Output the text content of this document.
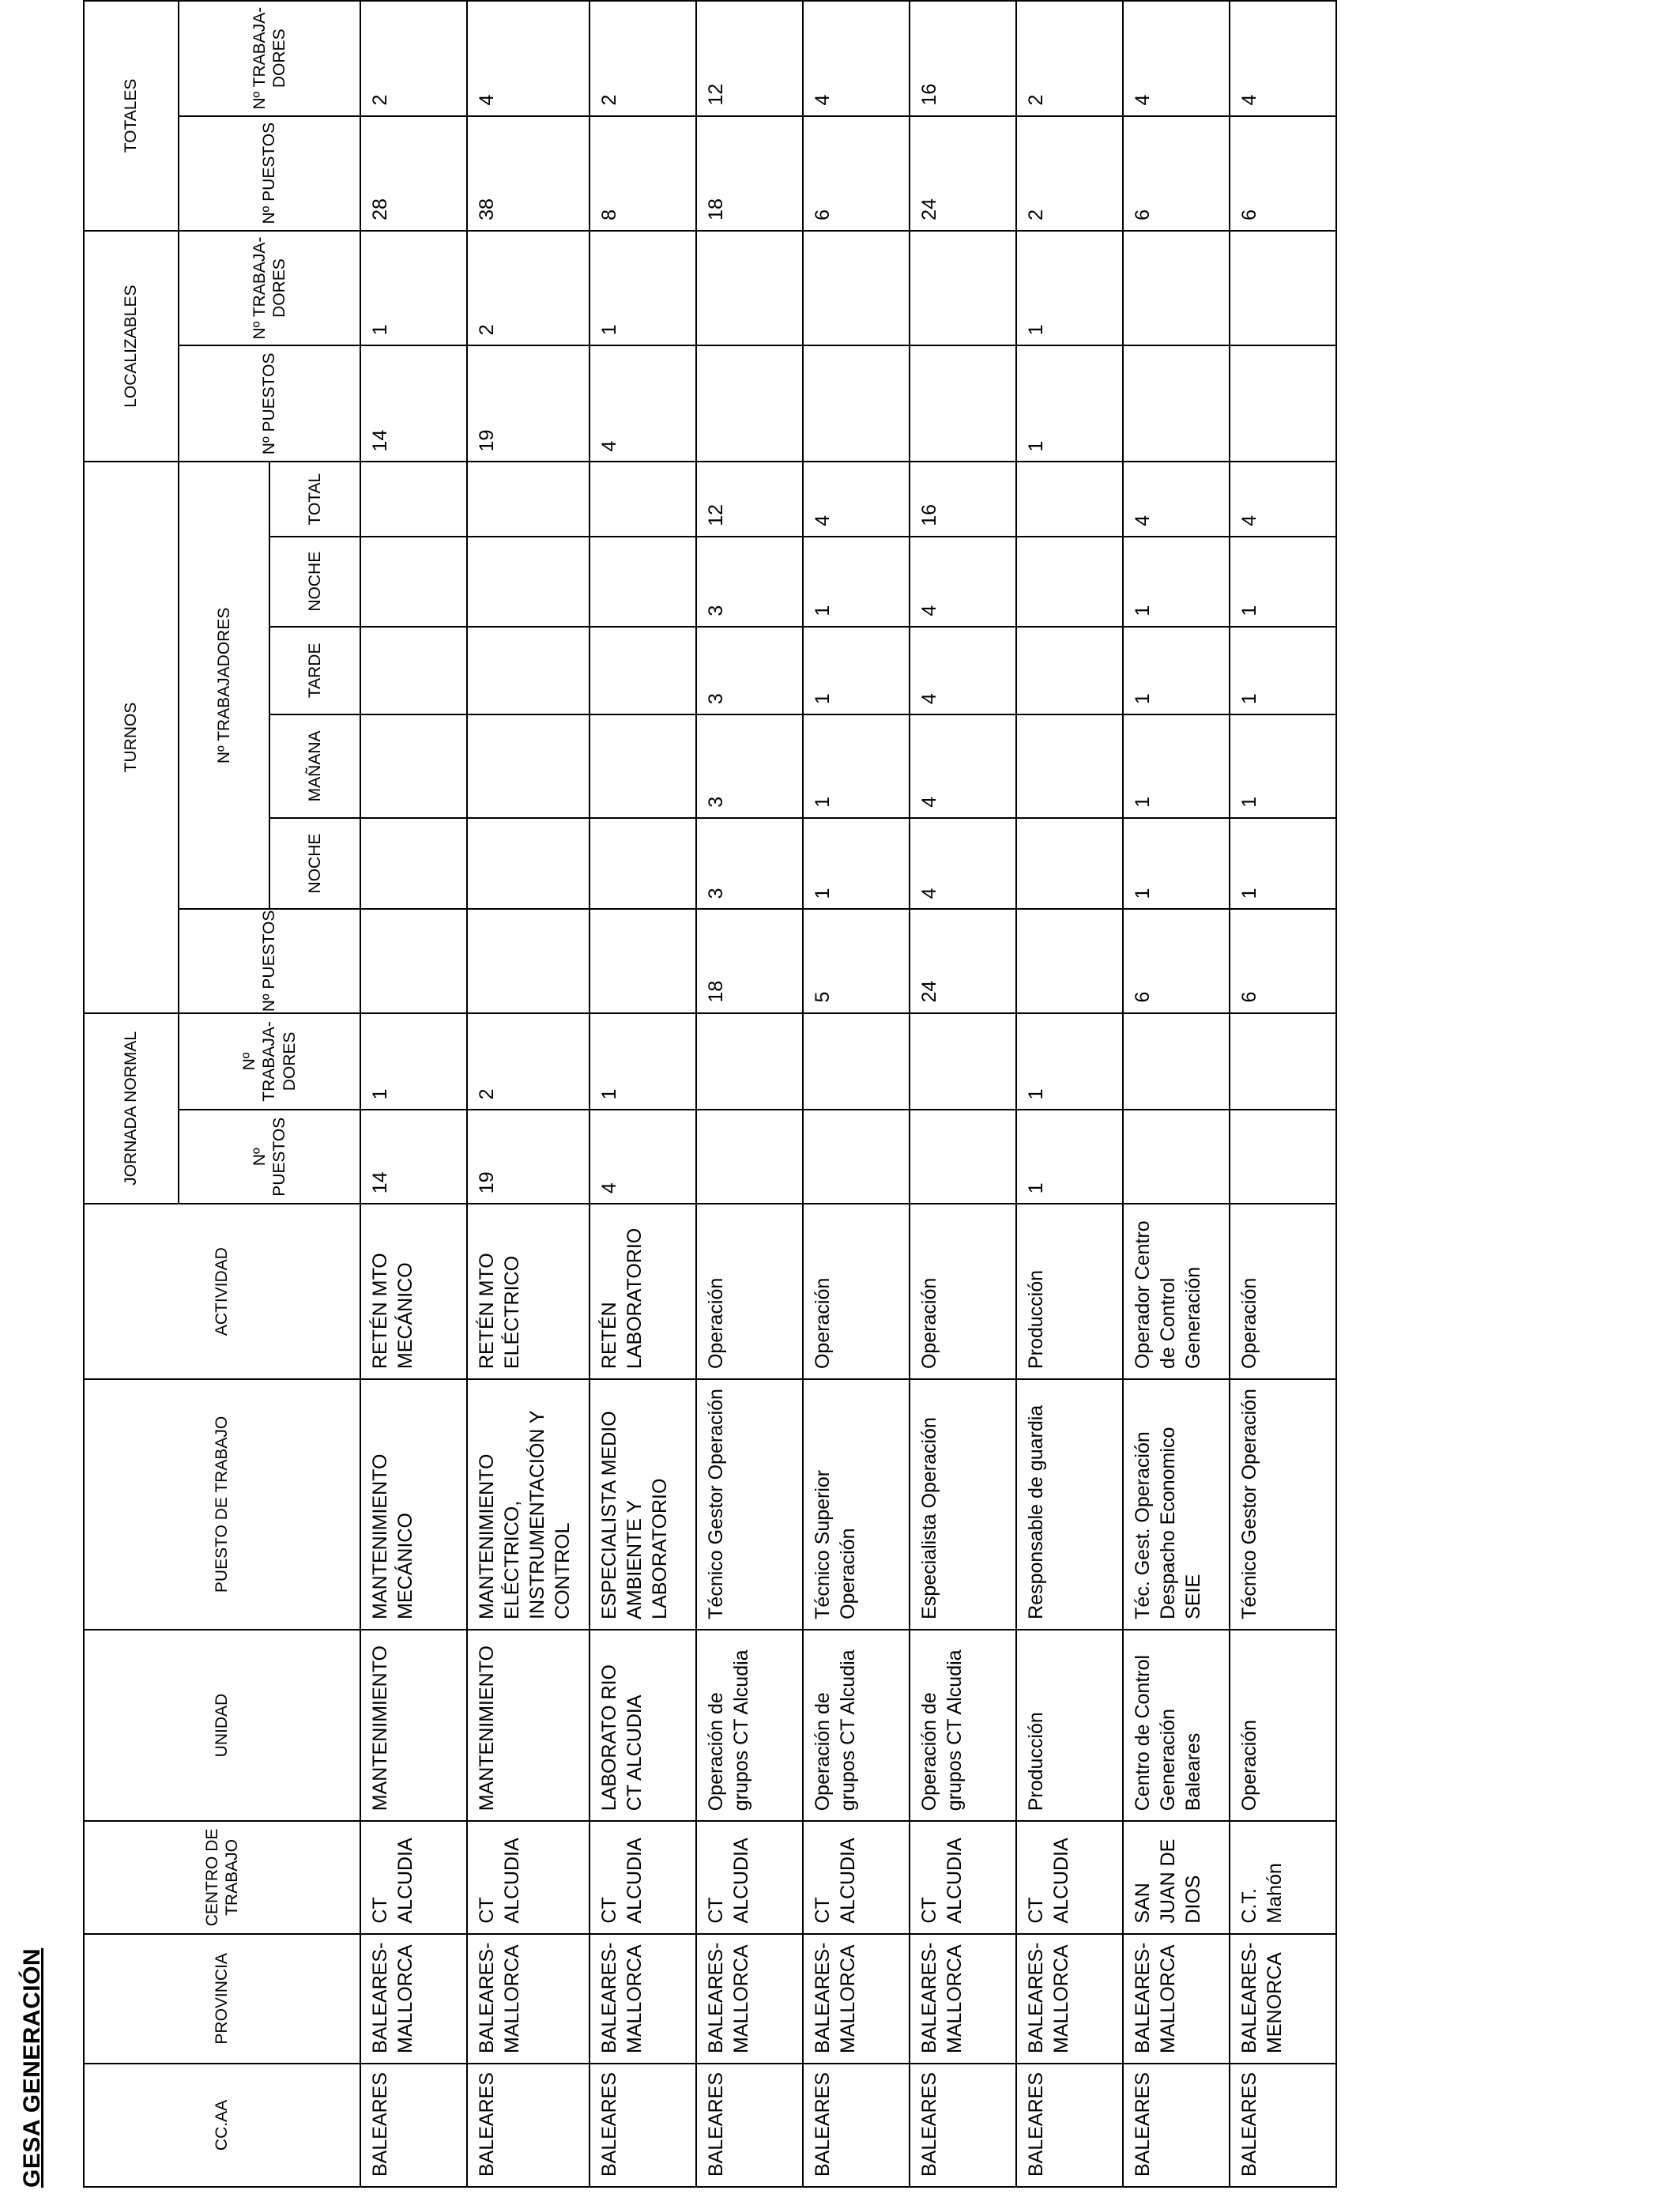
GESA GENERACIÓN	CC.AA	PROVINCIA	CENTRO DE TRABAJO	UNIDAD	PUESTO DE TRABAJO	ACTIVIDAD	JORNADA NORMAL		TURNOS						LOCALIZABLES		TOTALES	
						Nº PUESTOS	Nº TRABAJA-DORES	Nº PUESTOS	Nº TRABAJADORES					Nº PUESTOS	Nº TRABAJA-DORES	Nº PUESTOS	Nº TRABAJA-DORES
									NOCHE	MAÑANA	TARDE	NOCHE	TOTAL				
BALEARES	BALEARES-MALLORCA	CT ALCUDIA	MANTENIMIENTO	MANTENIMIENTO MECÁNICO	RETÉN MTO MECÁNICO	14	1							14	1	28	2
BALEARES	BALEARES-MALLORCA	CT ALCUDIA	MANTENIMIENTO	MANTENIMIENTO ELÉCTRICO, INSTRUMENTACIÓN Y CONTROL	RETÉN MTO ELÉCTRICO	19	2							19	2	38	4
BALEARES	BALEARES-MALLORCA	CT ALCUDIA	LABORATO RIO CT ALCUDIA	ESPECIALISTA MEDIO AMBIENTE Y LABORATORIO	RETÉN LABORATORIO	4	1							4	1	8	2
BALEARES	BALEARES-MALLORCA	CT ALCUDIA	Operación de grupos CT Alcudia	Técnico Gestor Operación	Operación			18	3	3	3	3	12			18	12
BALEARES	BALEARES-MALLORCA	CT ALCUDIA	Operación de grupos CT Alcudia	Técnico Superior Operación	Operación			5	1	1	1	1	4			6	4
BALEARES	BALEARES-MALLORCA	CT ALCUDIA	Operación de grupos CT Alcudia	Especialista Operación	Operación			24	4	4	4	4	16			24	16
BALEARES	BALEARES-MALLORCA	CT ALCUDIA	Producción	Responsable de guardia	Producción	1	1							1	1	2	2
BALEARES	BALEARES-MALLORCA	SAN JUAN DE DIOS	Centro de Control Generación Baleares	Téc. Gest. Operación Despacho Economico SEIE	Operador Centro de Control Generación			6	1	1	1	1	4			6	4
BALEARES	BALEARES-MENORCA	C.T. Mahón	Operación	Técnico Gestor Operación	Operación			6	1	1	1	1	4			6	4
